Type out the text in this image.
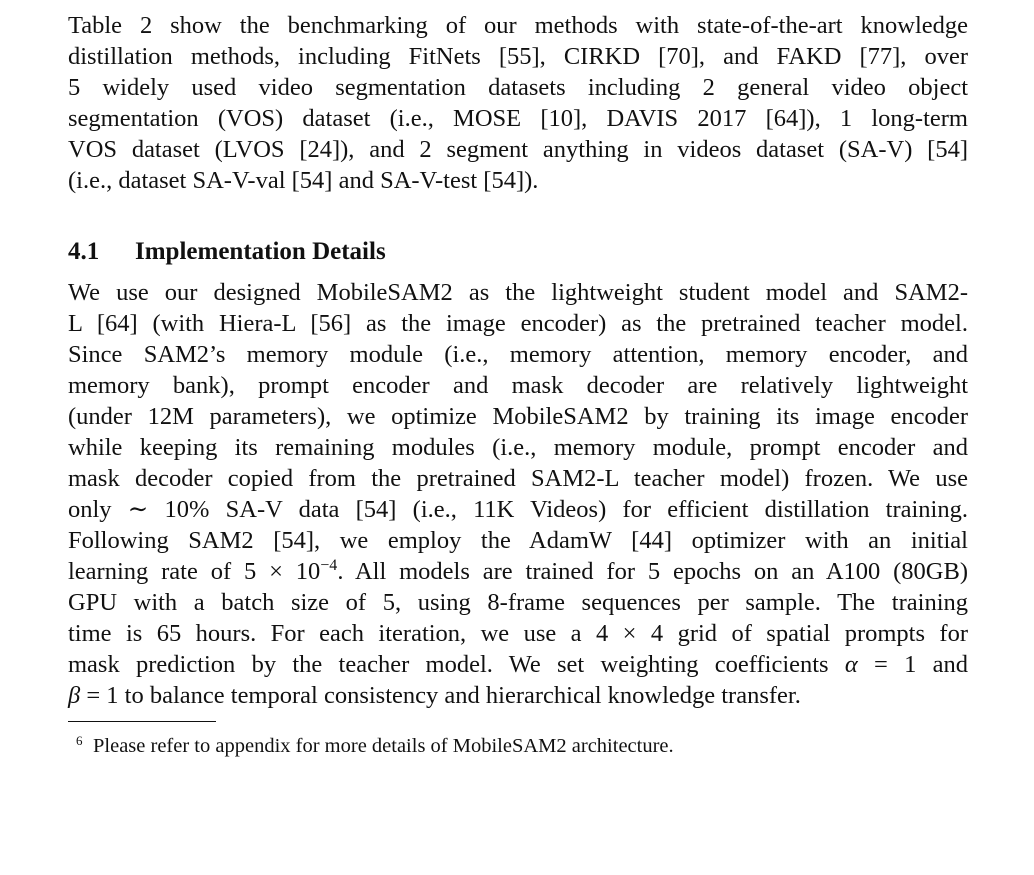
Table 2 show the benchmarking of our methods with state-of-the-art knowledge
distillation methods, including FitNets [55], CIRKD [70], and FAKD [77], over
5 widely used video segmentation datasets including 2 general video object
segmentation (VOS) dataset (i.e., MOSE [10], DAVIS 2017 [64]), 1 long-term
VOS dataset (LVOS [24]), and 2 segment anything in videos dataset (SA-V) [54]
(i.e., dataset SA-V-val [54] and SA-V-test [54]).

4.1 Implementation Details

We use our designed MobileSAM2 as the lightweight student model and SAM2-
L [64] (with Hiera-L [56] as the image encoder) as the pretrained teacher model.
Since SAM2’s memory module (i.e., memory attention, memory encoder, and
memory bank), prompt encoder and mask decoder are relatively lightweight
(under 12M parameters), we optimize MobileSAM2 by training its image encoder
while keeping its remaining modules (i.e., memory module, prompt encoder and
mask decoder copied from the pretrained SAM2-L teacher model) frozen. We use
only ∼ 10% SA-V data [54] (i.e., 11K Videos) for efficient distillation training.
Following SAM2 [54], we employ the AdamW [44] optimizer with an initial
learning rate of $5 \times 10^{-4}$. All models are trained for 5 epochs on an A100 (80GB)
GPU with a batch size of 5, using 8-frame sequences per sample. The training
time is 65 hours. For each iteration, we use a 4 × 4 grid of spatial prompts for
mask prediction by the teacher model. We set weighting coefficients α = 1 and
β = 1 to balance temporal consistency and hierarchical knowledge transfer.

6 Please refer to appendix for more details of MobileSAM2 architecture.
